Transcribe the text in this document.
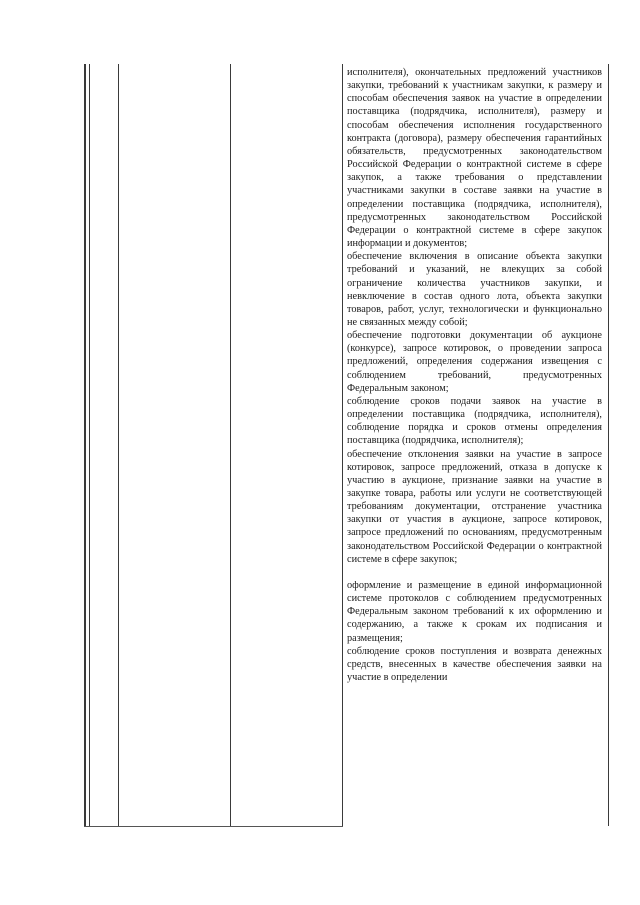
исполнителя), окончательных предложений участников закупки, требований к участникам закупки, к размеру и способам обеспечения заявок на участие в определении поставщика (подрядчика, исполнителя), размеру и способам обеспечения исполнения государственного контракта (договора), размеру обеспечения гарантийных обязательств, предусмотренных законодательством Российской Федерации о контрактной системе в сфере закупок, а также требования о представлении участниками закупки в составе заявки на участие в определении поставщика (подрядчика, исполнителя), предусмотренных законодательством Российской Федерации о контрактной системе в сфере закупок информации и документов;

обеспечение включения в описание объекта закупки требований и указаний, не влекущих за собой ограничение количества участников закупки, и невключение в состав одного лота, объекта закупки товаров, работ, услуг, технологически и функционально не связанных между собой;

обеспечение подготовки документации об аукционе (конкурсе), запросе котировок, о проведении запроса предложений, определения содержания извещения с соблюдением требований, предусмотренных Федеральным законом;

соблюдение сроков подачи заявок на участие в определении поставщика (подрядчика, исполнителя), соблюдение порядка и сроков отмены определения поставщика (подрядчика, исполнителя);

обеспечение отклонения заявки на участие в запросе котировок, запросе предложений, отказа в допуске к участию в аукционе, признание заявки на участие в закупке товара, работы или услуги не соответствующей требованиям документации, отстранение участника закупки от участия в аукционе, запросе котировок, запросе предложений по основаниям, предусмотренным законодательством Российской Федерации о контрактной системе в сфере закупок;

оформление и размещение в единой информационной системе протоколов с соблюдением предусмотренных Федеральным законом требований к их оформлению и содержанию, а также к срокам их подписания и размещения;

соблюдение сроков поступления и возврата денежных средств, внесенных в качестве обеспечения заявки на участие в определении
